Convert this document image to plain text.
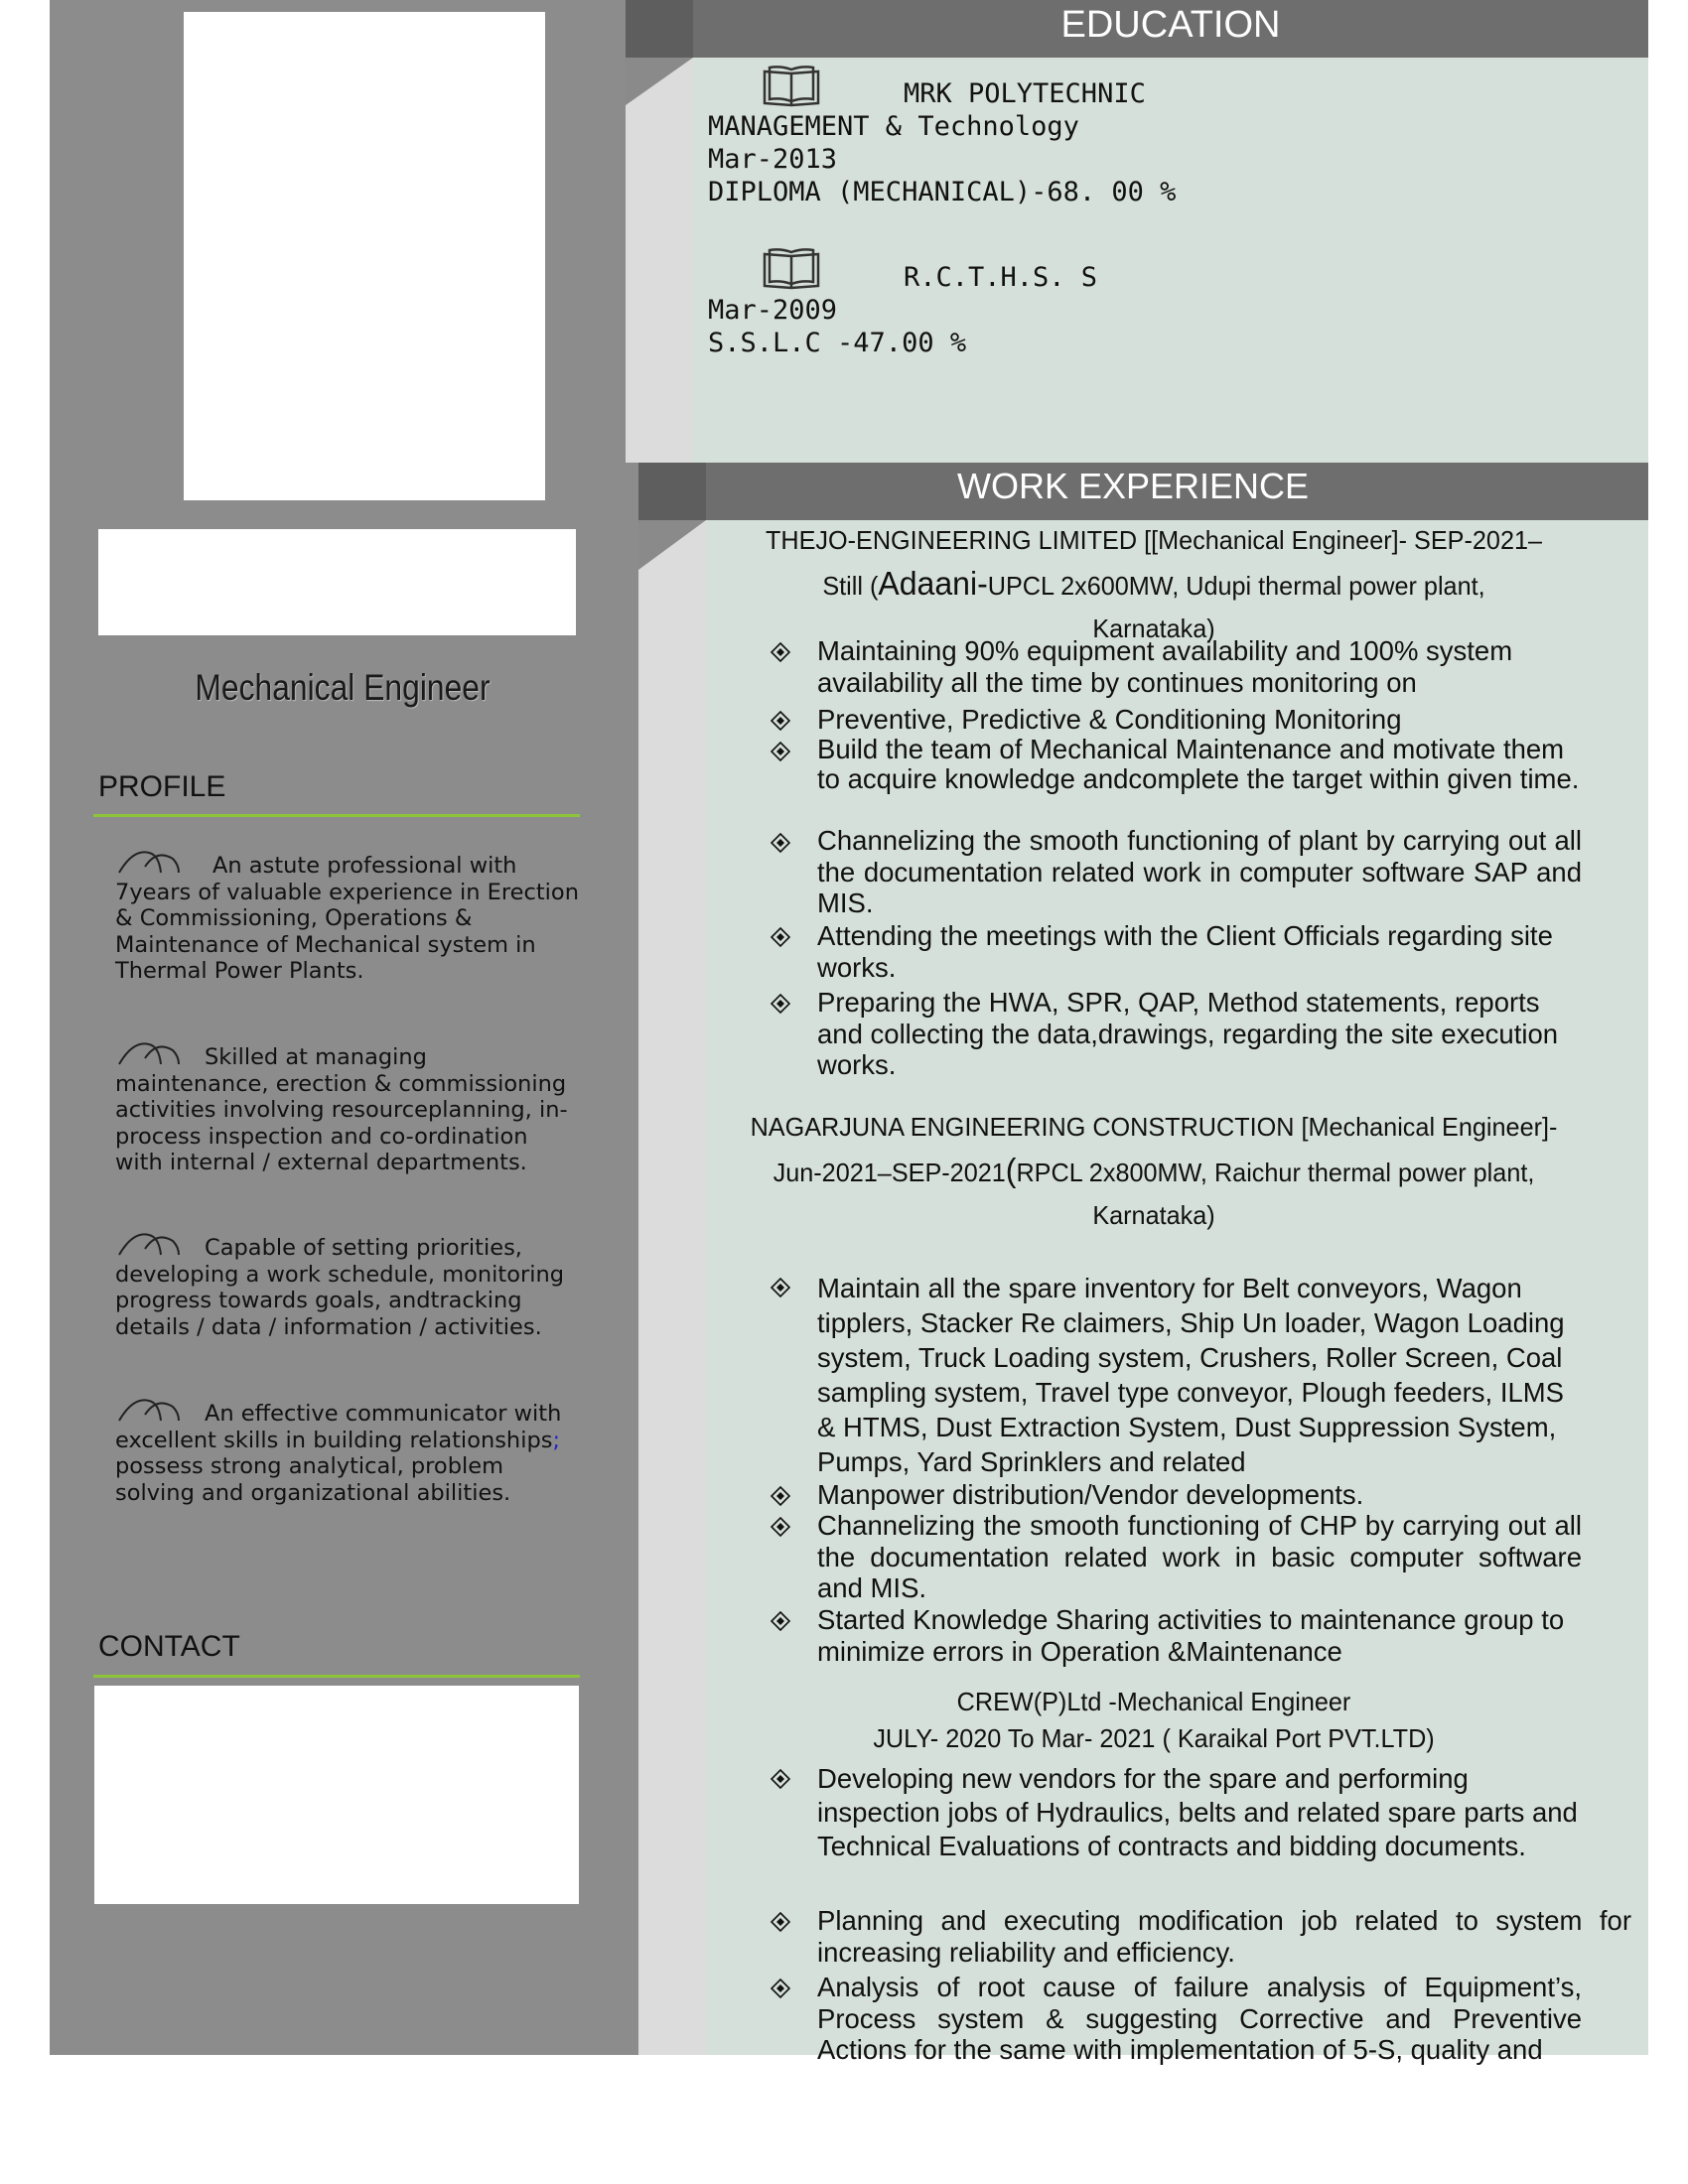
Mechanical Engineer
PROFILE
An astute professional with 7years of valuable experience in Erection & Commissioning, Operations & Maintenance of Mechanical system in Thermal Power Plants.
Skilled at managing maintenance, erection & commissioning activities involving resourceplanning, in-process inspection and co-ordination with internal / external departments.
Capable of setting priorities, developing a work schedule, monitoring progress towards goals, andtracking details / data / information / activities.
An effective communicator with excellent skills in building relationships; possess strong analytical, problem solving and organizational abilities.
CONTACT
EDUCATION
MRK POLYTECHNIC
MANAGEMENT & Technology
Mar-2013
DIPLOMA (MECHANICAL)-68. 00 %
R.C.T.H.S. S
Mar-2009
S.S.L.C -47.00 %
WORK EXPERIENCE
THEJO-ENGINEERING LIMITED [[Mechanical Engineer]- SEP-2021–
Still (Adaani-UPCL 2x600MW, Udupi thermal power plant,
Karnataka)
Maintaining 90% equipment availability and 100% system availability all the time by continues monitoring on
Preventive, Predictive & Conditioning Monitoring
Build the team of Mechanical Maintenance and motivate them to acquire knowledge andcomplete the target within given time.
Channelizing the smooth functioning of plant by carrying out all the documentation related work in computer software SAP and MIS.
Attending the meetings with the Client Officials regarding site works.
Preparing the HWA, SPR, QAP, Method statements, reports and collecting the data,drawings, regarding the site execution works.
NAGARJUNA ENGINEERING CONSTRUCTION [Mechanical Engineer]-
Jun-2021–SEP-2021(RPCL 2x800MW, Raichur thermal power plant,
Karnataka)
Maintain all the spare inventory for Belt conveyors, Wagon tipplers, Stacker Re claimers, Ship Un loader, Wagon Loading system, Truck Loading system, Crushers, Roller Screen, Coal sampling system, Travel type conveyor, Plough feeders, ILMS & HTMS, Dust Extraction System, Dust Suppression System, Pumps, Yard Sprinklers and related
Manpower distribution/Vendor developments.
Channelizing the smooth functioning of CHP by carrying out all the documentation related work in basic computer software and MIS.
Started Knowledge Sharing activities to maintenance group to minimize errors in Operation &Maintenance
CREW(P)Ltd -Mechanical Engineer
JULY- 2020 To Mar- 2021 ( Karaikal Port PVT.LTD)
Developing new vendors for the spare and performing inspection jobs of Hydraulics, belts and related spare parts and Technical Evaluations of contracts and bidding documents.
Planning and executing modification job related to system for increasing reliability and efficiency.
Analysis of root cause of failure analysis of Equipment’s, Process system & suggesting Corrective and Preventive Actions for the same with implementation of 5-S, quality and
